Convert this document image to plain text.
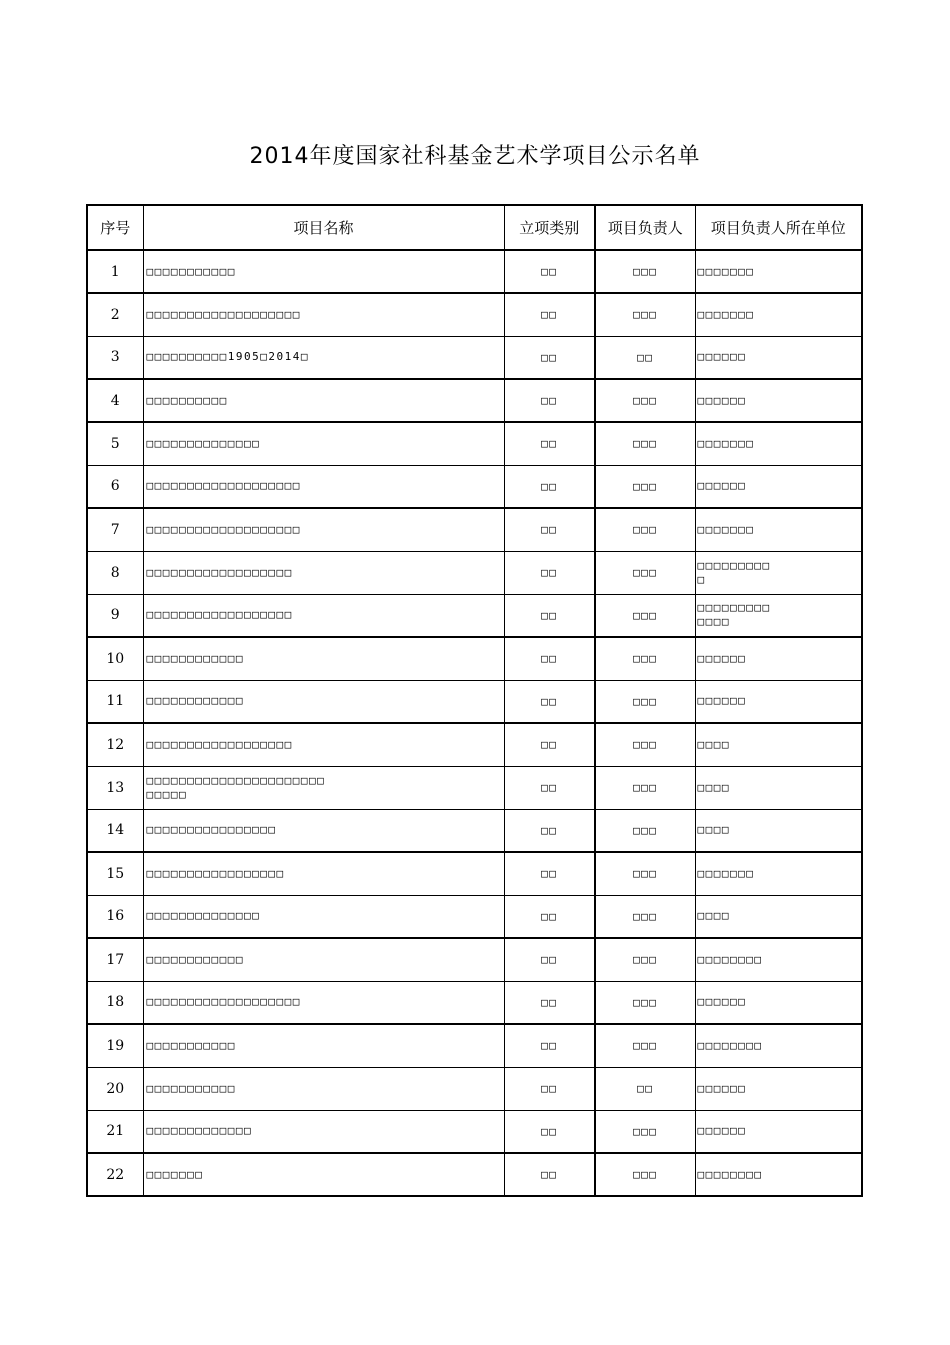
2014年度国家社科基金艺术学项目公示名单
序号	项目名称	立项类别	项目负责人	项目负责人所在单位
1	□□□□□□□□□□□	□□	□□□	□□□□□□□
2	□□□□□□□□□□□□□□□□□□□	□□	□□□	□□□□□□□
3	□□□□□□□□□□1905□2014□	□□	□□	□□□□□□
4	□□□□□□□□□□	□□	□□□	□□□□□□
5	□□□□□□□□□□□□□□	□□	□□□	□□□□□□□
6	□□□□□□□□□□□□□□□□□□□	□□	□□□	□□□□□□
7	□□□□□□□□□□□□□□□□□□□	□□	□□□	□□□□□□□
8	□□□□□□□□□□□□□□□□□□	□□	□□□	□□□□□□□□□
□
9	□□□□□□□□□□□□□□□□□□	□□	□□□	□□□□□□□□□
□□□□
10	□□□□□□□□□□□□	□□	□□□	□□□□□□
11	□□□□□□□□□□□□	□□	□□□	□□□□□□
12	□□□□□□□□□□□□□□□□□□	□□	□□□	□□□□
13	□□□□□□□□□□□□□□□□□□□□□□
□□□□□	□□	□□□	□□□□
14	□□□□□□□□□□□□□□□□	□□	□□□	□□□□
15	□□□□□□□□□□□□□□□□□	□□	□□□	□□□□□□□
16	□□□□□□□□□□□□□□	□□	□□□	□□□□
17	□□□□□□□□□□□□	□□	□□□	□□□□□□□□
18	□□□□□□□□□□□□□□□□□□□	□□	□□□	□□□□□□
19	□□□□□□□□□□□	□□	□□□	□□□□□□□□
20	□□□□□□□□□□□	□□	□□	□□□□□□
21	□□□□□□□□□□□□□	□□	□□□	□□□□□□
22	□□□□□□□	□□	□□□	□□□□□□□□
